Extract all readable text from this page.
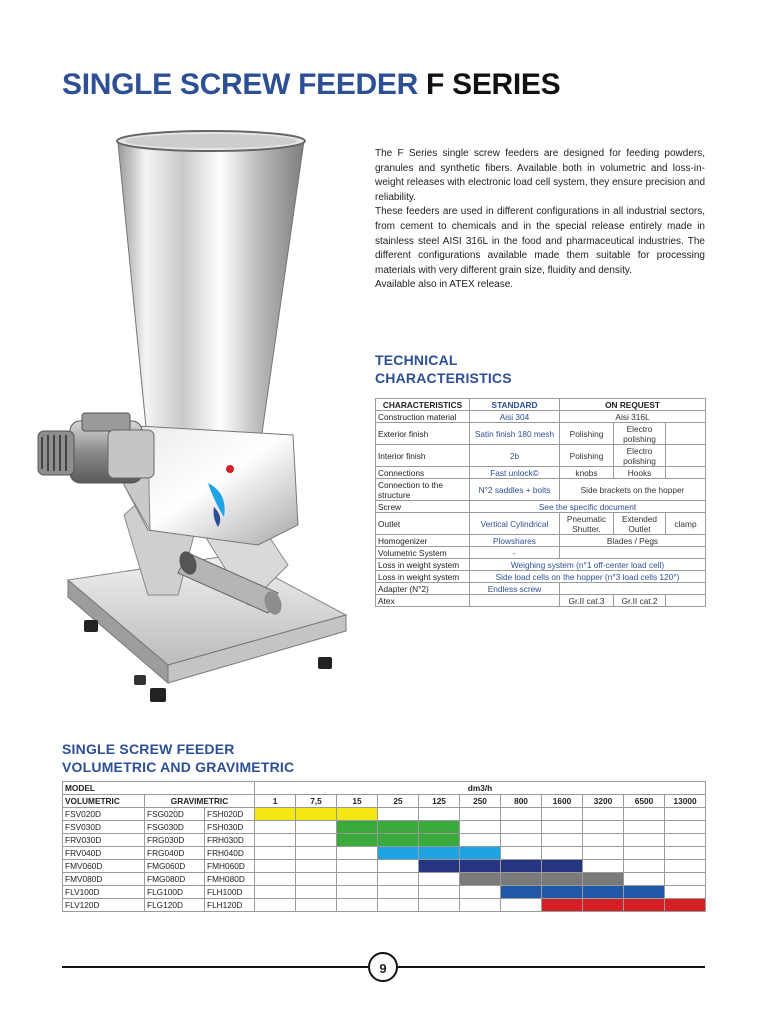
SINGLE SCREW FEEDER F SERIES

The F Series single screw feeders are designed for feeding powders, granules and synthetic fibers. Available both in volumetric and loss-in-weight releases with electronic load cell system, they ensure precision and reliability.

These feeders are used in different configurations in all industrial sectors, from cement to chemicals and in the special release entirely made in stainless steel AISI 316L in the food and pharmaceutical industries. The different configurations available made them suitable for processing materials with very different grain size, fluidity and density.

Available also in ATEX release.

TECHNICAL
CHARACTERISTICS
CHARACTERISTICS	STANDARD	ON REQUEST		
Construction material	Aisi 304	Aisi 316L		
Exterior finish	Satin finish 180 mesh	Polishing	Electro polishing	
Interior finish	2b	Polishing	Electro polishing	
Connections	Fast unlock©	knobs	Hooks	
Connection to the structure	N°2 saddles + bolts	Side brackets on the hopper		
Screw	See the specific document			
Outlet	Vertical Cylindrical	Pneumatic Shutter.	Extended Outlet	clamp
Homogenizer	Plowshares	Blades / Pegs		
Volumetric System	-			
Loss in weight system	Weighing system (n°1 off-center load cell)			
Loss in weight system	Side load cells on the hopper (n°3 load cells 120°)			
Adapter (N°2)	Endless screw			
Atex		Gr.II cat.3	Gr.II cat.2	
SINGLE SCREW FEEDER
VOLUMETRIC AND GRAVIMETRIC
MODEL			dm3/h										
VOLUMETRIC	GRAVIMETRIC		1	7,5	15	25	125	250	800	1600	3200	6500	13000
FSV020D	FSG020D	FSH020D											
FSV030D	FSG030D	FSH030D											
FRV030D	FRG030D	FRH030D											
FRV040D	FRG040D	FRH040D											
FMV060D	FMG060D	FMH060D											
FMV080D	FMG080D	FMH080D											
FLV100D	FLG100D	FLH100D											
FLV120D	FLG120D	FLH120D											
9
